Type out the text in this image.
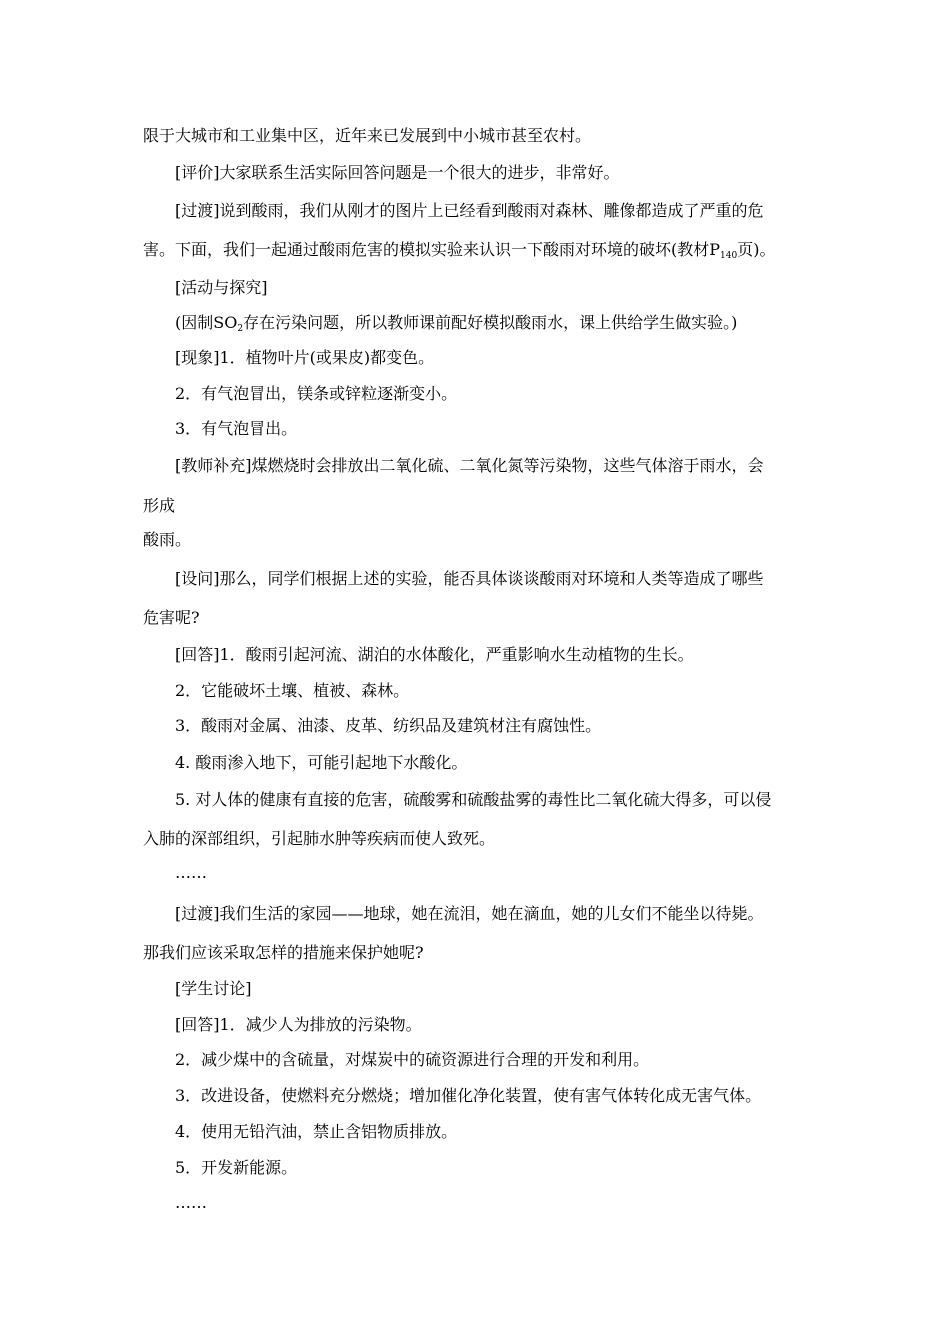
限于大城市和工业集中区，近年来已发展到中小城市甚至农村。
[评价]大家联系生活实际回答问题是一个很大的进步，非常好。
[过渡]说到酸雨，我们从刚才的图片上已经看到酸雨对森林、雕像都造成了严重的危
害。下面，我们一起通过酸雨危害的模拟实验来认识一下酸雨对环境的破坏(教材$P_{140}$页)。
[活动与探究]
(因制$SO_2$存在污染问题，所以教师课前配好模拟酸雨水，课上供给学生做实验。)
[现象]1．植物叶片(或果皮)都变色。
2．有气泡冒出，镁条或锌粒逐渐变小。
3．有气泡冒出。
[教师补充]煤燃烧时会排放出二氧化硫、二氧化氮等污染物，这些气体溶于雨水，会
形成
酸雨。
[设问]那么，同学们根据上述的实验，能否具体谈谈酸雨对环境和人类等造成了哪些
危害呢?
[回答]1．酸雨引起河流、湖泊的水体酸化，严重影响水生动植物的生长。
2．它能破坏土壤、植被、森林。
3．酸雨对金属、油漆、皮革、纺织品及建筑材注有腐蚀性。
4. 酸雨渗入地下，可能引起地下水酸化。
5. 对人体的健康有直接的危害，硫酸雾和硫酸盐雾的毒性比二氧化硫大得多，可以侵
入肺的深部组织，引起肺水肿等疾病而使人致死。
……
[过渡]我们生活的家园——地球，她在流泪，她在滴血，她的儿女们不能坐以待毙。
那我们应该采取怎样的措施来保护她呢?
[学生讨论]
[回答]1．减少人为排放的污染物。
2．减少煤中的含硫量，对煤炭中的硫资源进行合理的开发和利用。
3．改进设备，使燃料充分燃烧；增加催化净化装置，使有害气体转化成无害气体。
4．使用无铅汽油，禁止含铝物质排放。
5．开发新能源。
……
